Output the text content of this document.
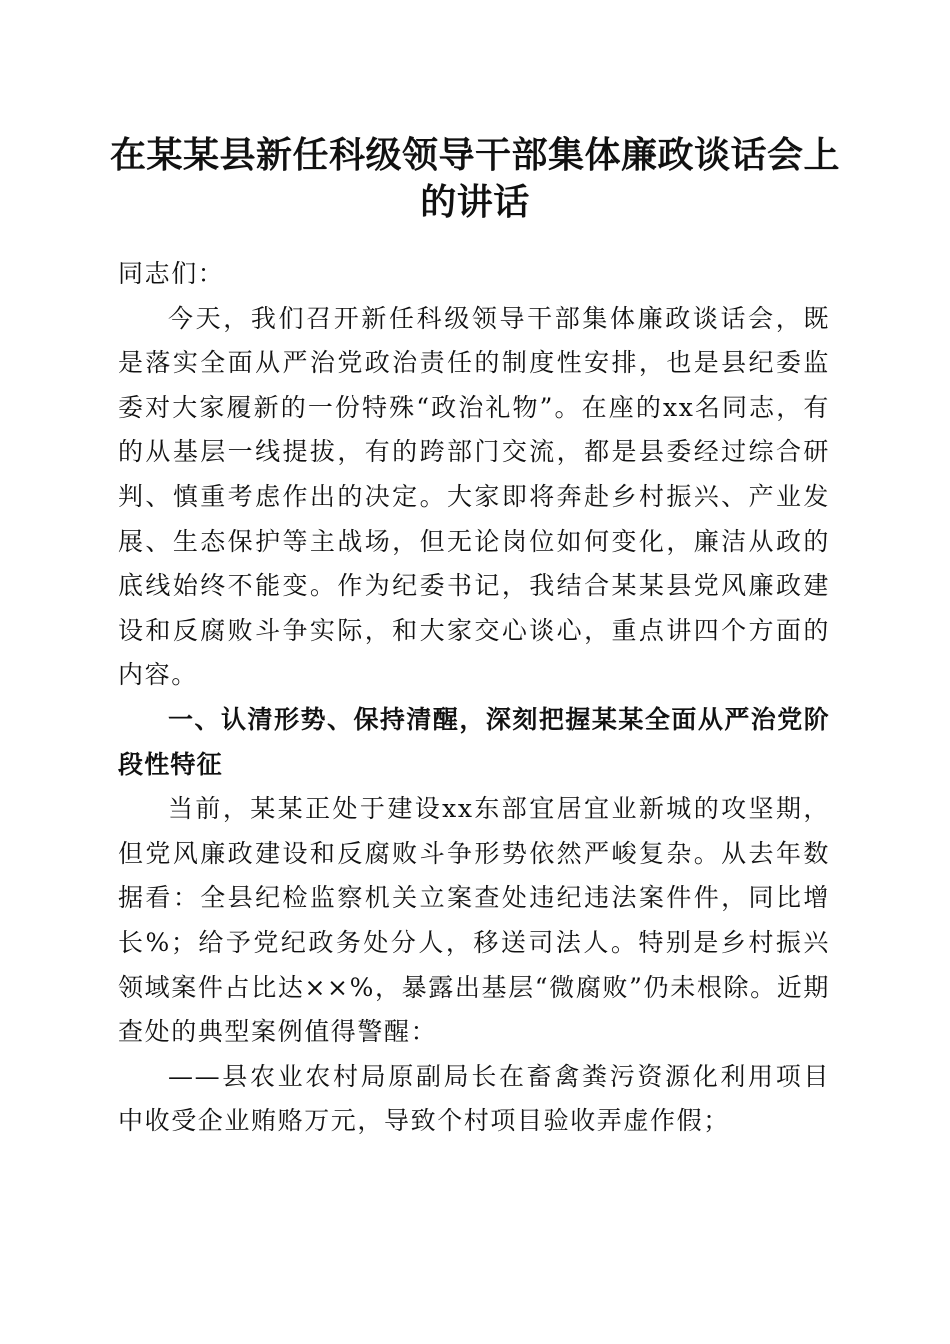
在某某县新任科级领导干部集体廉政谈话会上的讲话

同志们：

今天，我们召开新任科级领导干部集体廉政谈话会，既是落实全面从严治党政治责任的制度性安排，也是县纪委监委对大家履新的一份特殊“政治礼物”。在座的xx名同志，有的从基层一线提拔，有的跨部门交流，都是县委经过综合研判、慎重考虑作出的决定。大家即将奔赴乡村振兴、产业发展、生态保护等主战场，但无论岗位如何变化，廉洁从政的底线始终不能变。作为纪委书记，我结合某某县党风廉政建设和反腐败斗争实际，和大家交心谈心，重点讲四个方面的内容。

一、认清形势、保持清醒，深刻把握某某全面从严治党阶段性特征

当前，某某正处于建设xx东部宜居宜业新城的攻坚期，但党风廉政建设和反腐败斗争形势依然严峻复杂。从去年数据看：全县纪检监察机关立案查处违纪违法案件件，同比增长%；给予党纪政务处分人，移送司法人。特别是乡村振兴领域案件占比达××%，暴露出基层“微腐败”仍未根除。近期查处的典型案例值得警醒：

——县农业农村局原副局长在畜禽粪污资源化利用项目中收受企业贿赂万元，导致个村项目验收弄虚作假；
